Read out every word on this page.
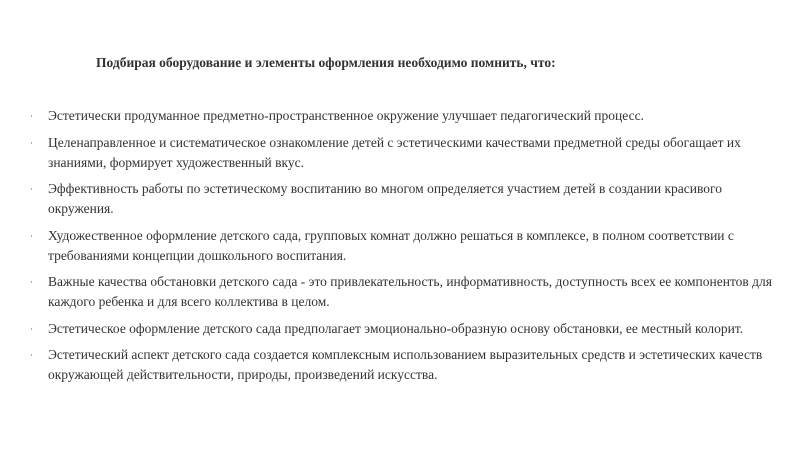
Подбирая оборудование и элементы оформления необходимо помнить, что:
·	Эстетически продуманное предметно-пространственное окружение улучшает педагогический процесс.
·	Целенаправленное и систематическое ознакомление детей с эстетическими качествами предметной среды обогащает их знаниями, формирует художественный вкус.
·	Эффективность работы по эстетическому воспитанию во многом определяется участием детей в создании красивого окружения.
·	Художественное оформление детского сада, групповых комнат должно решаться в комплексе, в полном соответствии с требованиями концепции дошкольного воспитания.
·	Важные качества обстановки детского сада - это привлекательность, информативность, доступность всех ее компонентов для каждого ребенка и для всего коллектива в целом.
·	Эстетическое оформление детского сада предполагает эмоционально-образную основу обстановки, ее местный колорит.
·	Эстетический аспект детского сада создается комплексным использованием выразительных средств и эстетических качеств окружающей действительности, природы, произведений искусства.
